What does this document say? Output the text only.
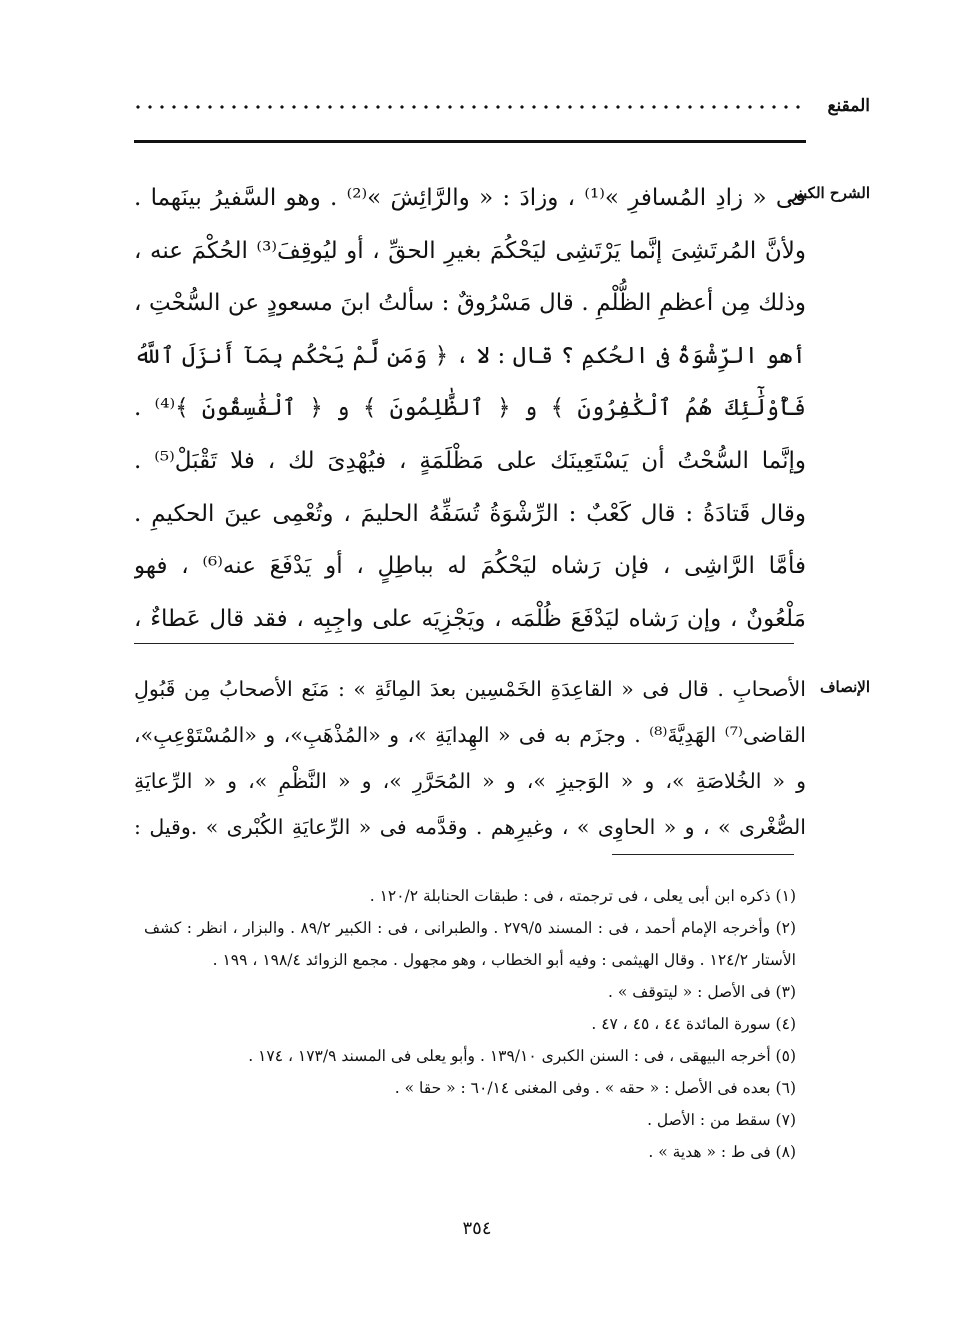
المقنع
الشرح الكبير
فى « زادِ المُسافرِ »⁽¹⁾ ، وزادَ : « والرَّائِشَ »⁽²⁾ . وهو السَّفيرُ بينَهما .
ولأنَّ المُرتَشِىَ إنَّما يَرْتَشِى ليَحْكُمَ بغيرِ الحقِّ ، أو ليُوقِفَ⁽³⁾ الحُكْمَ عنه ،
وذلك مِن أعظمِ الظُّلْمِ . قال مَسْرُوقٌ : سألتُ ابنَ مسعودٍ عن السُّحْتِ ،
أهو الرِّشْوَةُ فى الحُكمِ ؟ قال : لا ، ﴿ وَمَن لَّمْ يَحْكُم بِمَآ أَنزَلَ ٱللَّهُ
فَأُوْلَٰٓئِكَ هُمُ ٱلْكَٰفِرُونَ ﴾ و ﴿ ٱلظَّٰلِمُونَ ﴾ و ﴿ ٱلْفَٰسِقُونَ ﴾⁽⁴⁾ .
وإنَّما السُّحْتُ أن يَسْتَعِينَك على مَظْلَمَةٍ ، فيُهْدِىَ لك ، فلا تَقْبَلْ⁽⁵⁾ .
وقال قَتادَةُ : قال كَعْبٌ : الرِّشْوَةُ تُسَفِّهُ الحليمَ ، وتُعْمِى عينَ الحكيمِ .
فأمَّا الرَّاشِى ، فإن رَشاه ليَحْكُمَ له بباطِلٍ ، أو يَدْفَعَ عنه⁽⁶⁾ ، فهو
مَلْعُونٌ ، وإن رَشاه ليَدْفَعَ ظُلْمَه ، ويَجْزِيَه على واجِبِه ، فقد قال عَطاءٌ ،
الإنصاف
الأصحابِ . قال فى « القاعِدَةِ الخَمْسِين بعدَ المِائَةِ » : مَنَع الأصحابُ مِن قَبُولِ
القاضى⁽⁷⁾ الهَدِيَّةَ⁽⁸⁾ . وجزَم به فى « الهِدايَةِ »، و «المُذْهَبِ»، و «المُسْتَوْعِبِ»،
و « الخُلاصَةِ »، و « الوَجيزِ »، و « المُحَرَّرِ »، و « النَّظْمِ »، و « الرِّعايَةِ
الصُّغْرى » ، و « الحاوِى » ، وغيرِهم . وقدَّمه فى « الرِّعايَةِ الكُبْرى » .وقيل :
(١) ذكره ابن أبى يعلى ، فى ترجمته ، فى : طبقات الحنابلة ١٢٠/٢ .
(٢) وأخرجه الإمام أحمد ، فى : المسند ٢٧٩/٥ . والطبرانى ، فى : الكبير ٨٩/٢ . والبزار ، انظر : كشف
الأستار ١٢٤/٢ . وقال الهيثمى : وفيه أبو الخطاب ، وهو مجهول . مجمع الزوائد ١٩٨/٤ ، ١٩٩ .
(٣) فى الأصل : « ليتوقف » .
(٤) سورة المائدة ٤٤ ، ٤٥ ، ٤٧ .
(٥) أخرجه البيهقى ، فى : السنن الكبرى ١٣٩/١٠ . وأبو يعلى فى المسند ١٧٣/٩ ، ١٧٤ .
(٦) بعده فى الأصل : « حقه » . وفى المغنى ٦٠/١٤ : « حقا » .
(٧) سقط من : الأصل .
(٨) فى ط : « هدية » .
٣٥٤
